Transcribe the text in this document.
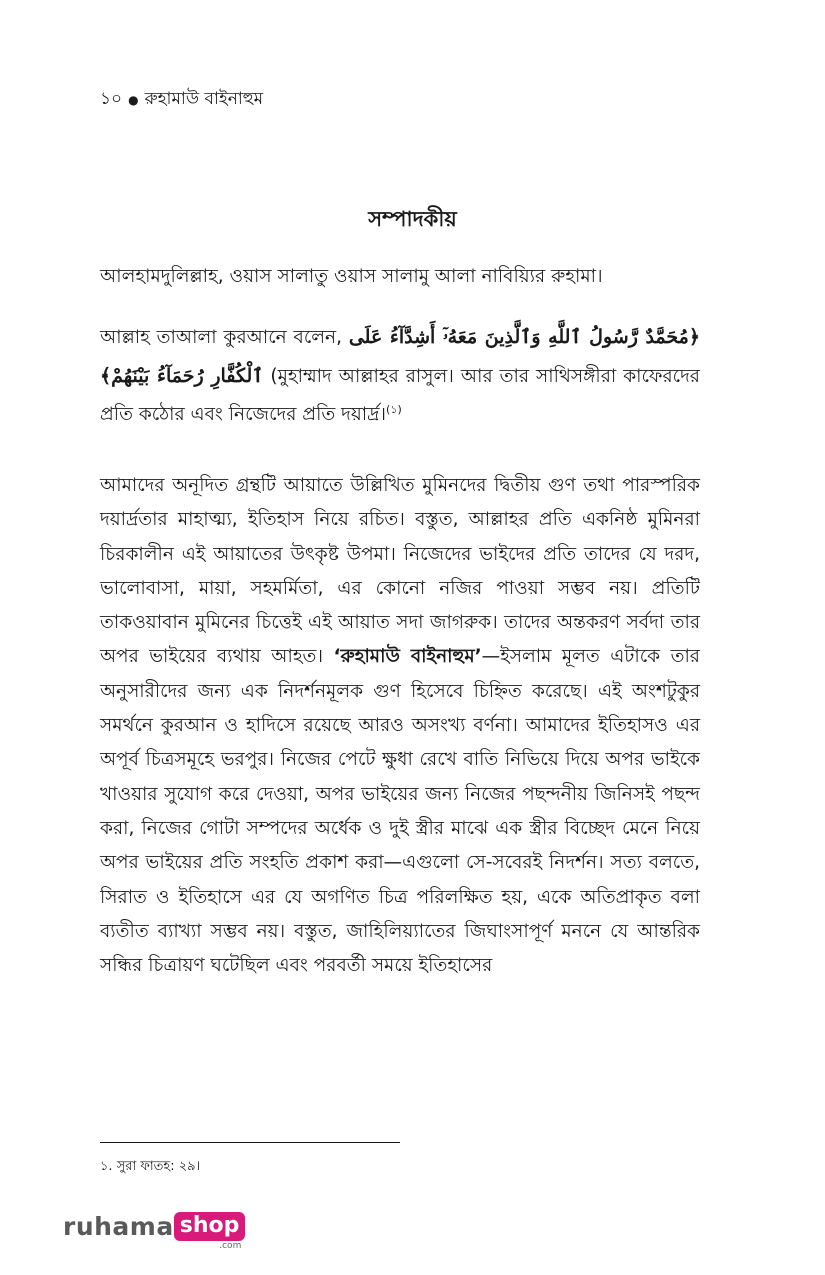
১০ ● রুহামাউ বাইনাহুম
সম্পাদকীয়

আলহামদুলিল্লাহ, ওয়াস সালাতু ওয়াস সালামু আলা নাবিয়্যির রুহামা।

আল্লাহ তাআলা কুরআনে বলেন,	﴿مُحَمَّدٌ رَّسُولُ ٱللَّهِ وَٱلَّذِينَ مَعَهُۥٓ أَشِدَّآءُ عَلَى ٱلْكُفَّارِ رُحَمَآءُ بَيْنَهُمْ﴾	(মুহাম্মাদ আল্লাহর রাসুল। আর তার সাথিসঙ্গীরা কাফেরদের প্রতি কঠোর এবং নিজেদের প্রতি দয়ার্দ্র।$^{(১)}$

আমাদের অনূদিত গ্রন্থটি আয়াতে উল্লিখিত মুমিনদের দ্বিতীয় গুণ তথা পারস্পরিক দয়ার্দ্রতার মাহাত্ম্য, ইতিহাস নিয়ে রচিত। বস্তুত, আল্লাহর প্রতি একনিষ্ঠ মুমিনরা চিরকালীন এই আয়াতের উৎকৃষ্ট উপমা। নিজেদের ভাইদের প্রতি তাদের যে দরদ, ভালোবাসা, মায়া, সহমর্মিতা, এর কোনো নজির পাওয়া সম্ভব নয়। প্রতিটি তাকওয়াবান মুমিনের চিত্তেই এই আয়াত সদা জাগরুক। তাদের অন্তকরণ সর্বদা তার অপর ভাইয়ের ব্যথায় আহত। ‘রুহামাউ বাইনাহুম’—ইসলাম মূলত এটাকে তার অনুসারীদের জন্য এক নিদর্শনমূলক গুণ হিসেবে চিহ্নিত করেছে। এই অংশটুকুর সমর্থনে কুরআন ও হাদিসে রয়েছে আরও অসংখ্য বর্ণনা। আমাদের ইতিহাসও এর অপূর্ব চিত্রসমূহে ভরপুর। নিজের পেটে ক্ষুধা রেখে বাতি নিভিয়ে দিয়ে অপর ভাইকে খাওয়ার সুযোগ করে দেওয়া, অপর ভাইয়ের জন্য নিজের পছন্দনীয় জিনিসই পছন্দ করা, নিজের গোটা সম্পদের অর্ধেক ও দুই স্ত্রীর মাঝে এক স্ত্রীর বিচ্ছেদ মেনে নিয়ে অপর ভাইয়ের প্রতি সংহতি প্রকাশ করা—এগুলো সে-সবেরই নিদর্শন। সত্য বলতে, সিরাত ও ইতিহাসে এর যে অগণিত চিত্র পরিলক্ষিত হয়, একে অতিপ্রাকৃত বলা ব্যতীত ব্যাখ্যা সম্ভব নয়। বস্তুত, জাহিলিয়্যাতের জিঘাংসাপূর্ণ মননে যে আন্তরিক সন্ধির চিত্রায়ণ ঘটেছিল এবং পরবর্তী সময়ে ইতিহাসের

১. সুরা ফাতহ: ২৯।
ruhama shop
.com
